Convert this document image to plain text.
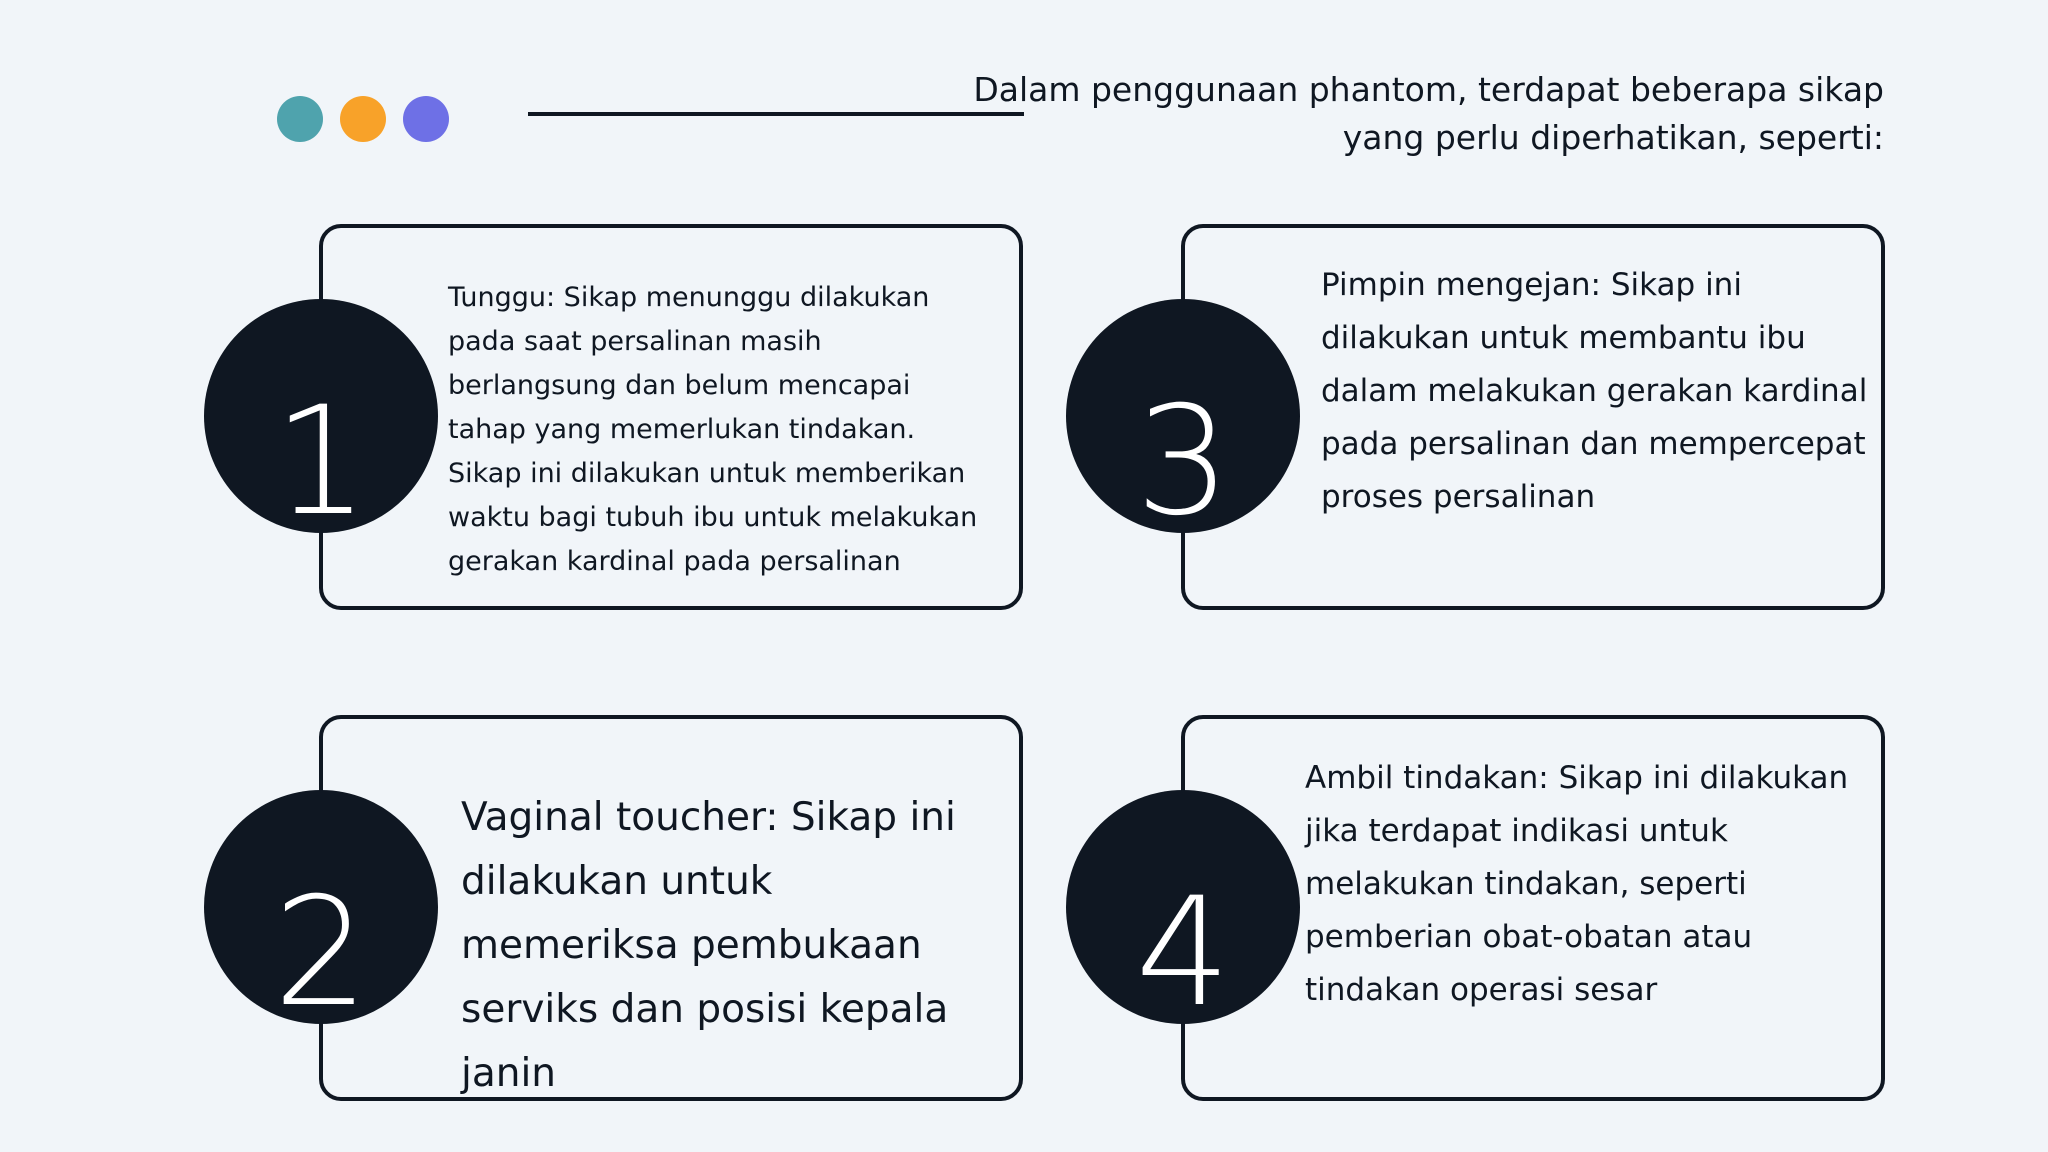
Dalam penggunaan phantom, terdapat beberapa sikap
yang perlu diperhatikan, seperti:
Tunggu: Sikap menunggu dilakukan pada saat persalinan masih berlangsung dan belum mencapai tahap yang memerlukan tindakan. Sikap ini dilakukan untuk memberikan waktu bagi tubuh ibu untuk melakukan gerakan kardinal pada persalinan
1
Vaginal toucher: Sikap ini dilakukan untuk memeriksa pembukaan serviks dan posisi kepala janin
2
Pimpin mengejan: Sikap ini dilakukan untuk membantu ibu dalam melakukan gerakan kardinal pada persalinan dan mempercepat proses persalinan
3
Ambil tindakan: Sikap ini dilakukan jika terdapat indikasi untuk melakukan tindakan, seperti pemberian obat-obatan atau tindakan operasi sesar
4
